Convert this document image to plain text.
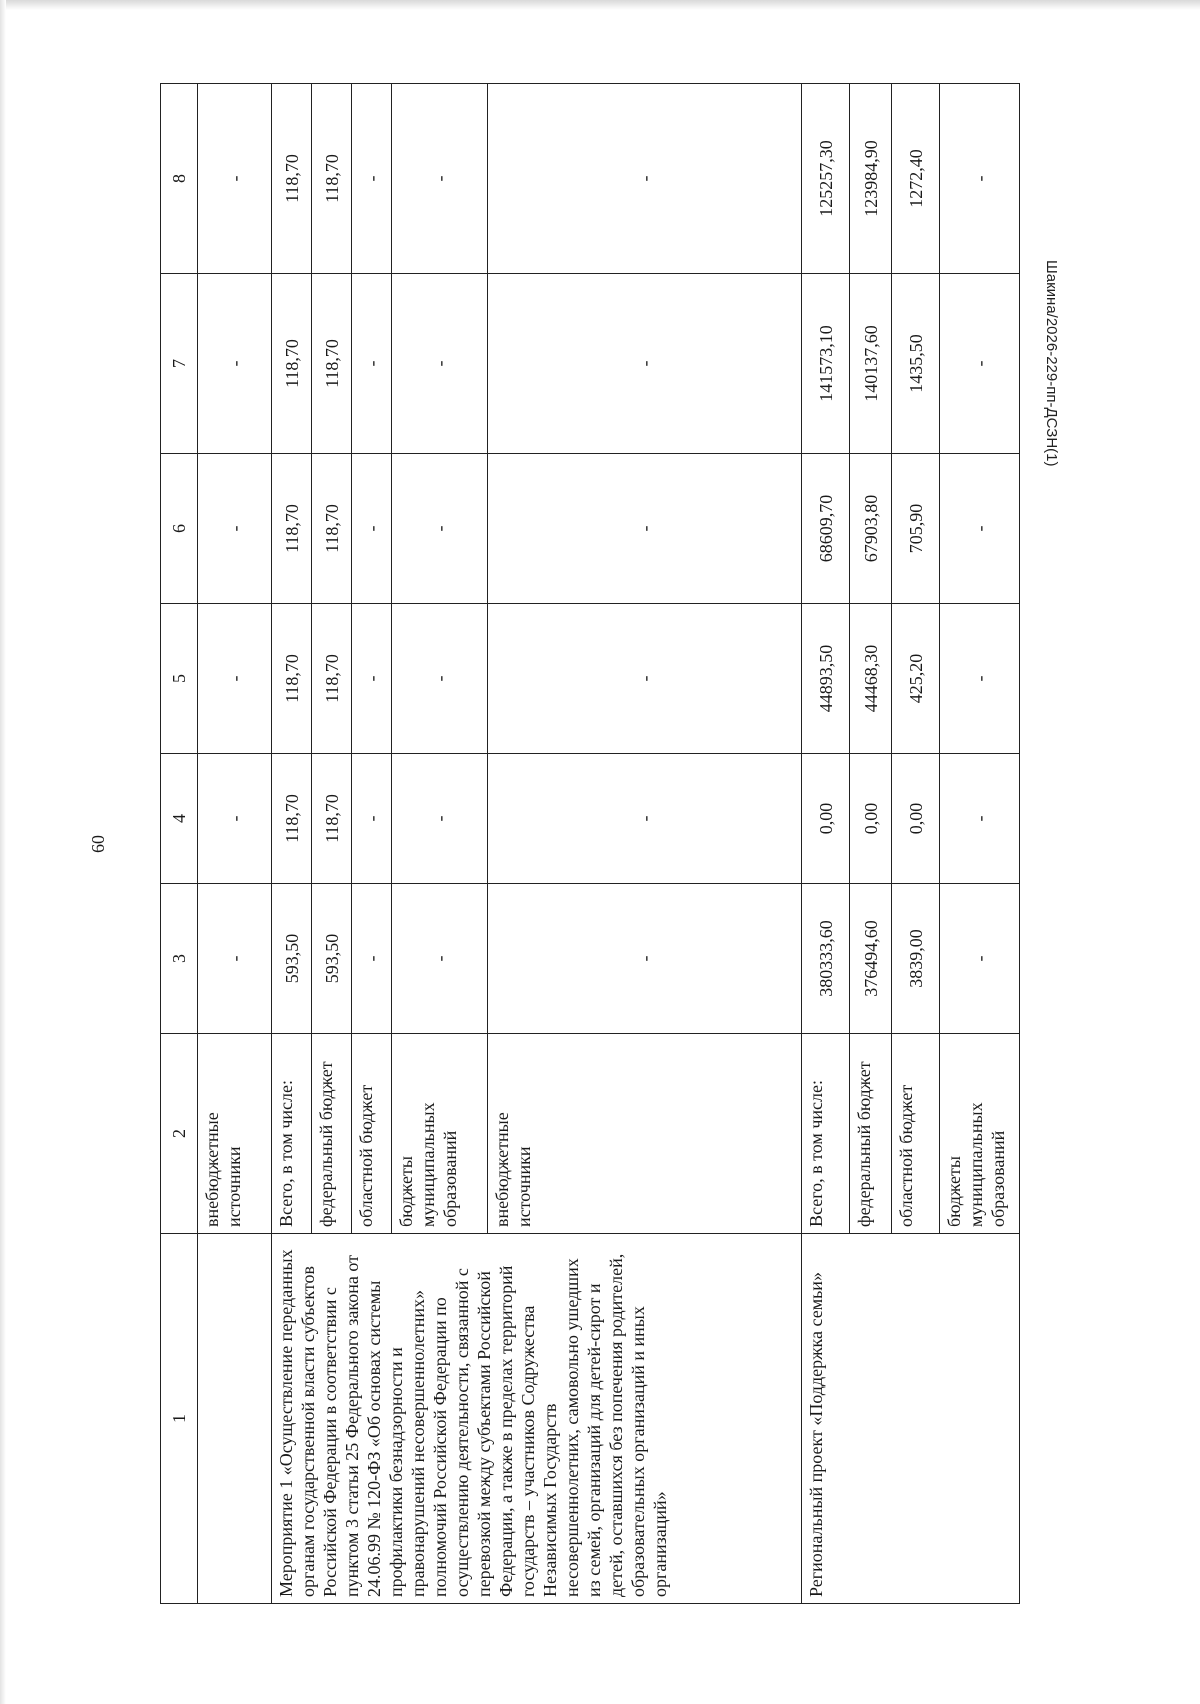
60
Шакина/2026-229-пп-ДСЗН(1)
1	2	3	4	5	6	7	8
	внебюджетные источники	-	-	-	-	-	-
Мероприятие 1 «Осуществление переданных органам государственной власти субъектов Российской Федерации в соответствии с пунктом 3 статьи 25 Федерального закона от 24.06.99 № 120-ФЗ «Об основах системы профилактики безнадзорности и правонарушений несовершеннолетних» полномочий Российской Федерации по осуществлению деятельности, связанной с перевозкой между субъектами Российской Федерации, а также в пределах территорий государств – участников Содружества Независимых Государств несовершеннолетних, самовольно ушедших из семей, организаций для детей-сирот и детей, оставшихся без попечения родителей, образовательных организаций и иных организаций»	Всего, в том числе:	593,50	118,70	118,70	118,70	118,70	118,70
	федеральный бюджет	593,50	118,70	118,70	118,70	118,70	118,70
	областной бюджет	-	-	-	-	-	-
	бюджеты муниципальных образований	-	-	-	-	-	-
	внебюджетные источники	-	-	-	-	-	-
Региональный проект «Поддержка семьи»	Всего, в том числе:	380333,60	0,00	44893,50	68609,70	141573,10	125257,30
	федеральный бюджет	376494,60	0,00	44468,30	67903,80	140137,60	123984,90
	областной бюджет	3839,00	0,00	425,20	705,90	1435,50	1272,40
	бюджеты муниципальных образований	-	-	-	-	-	-
